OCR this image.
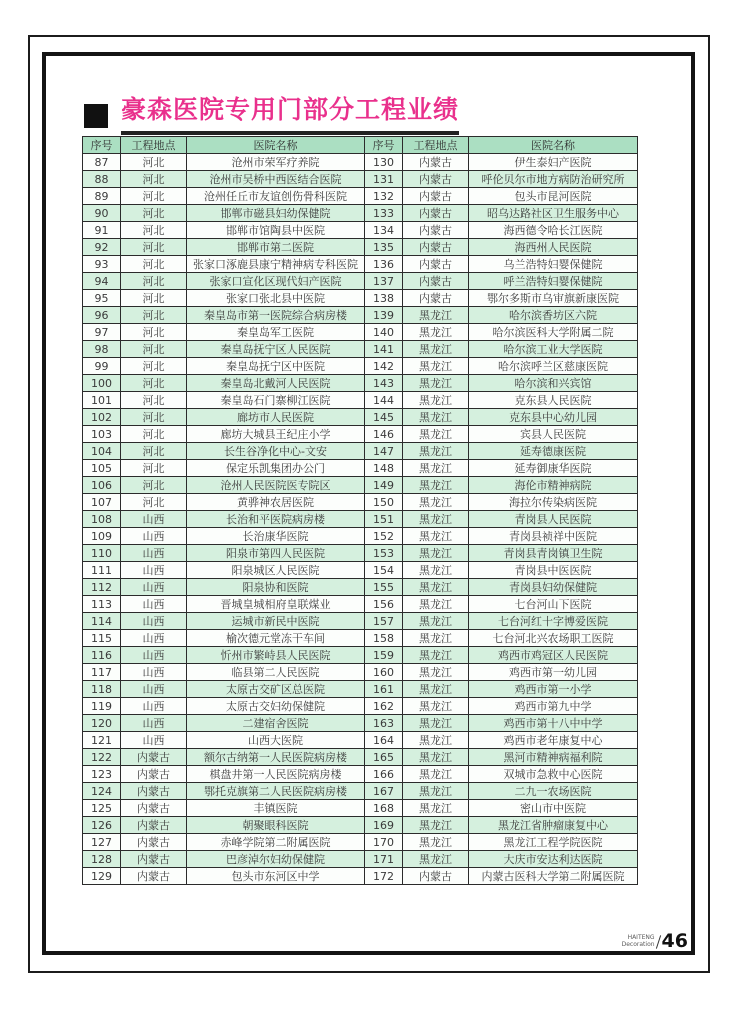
豪森医院专用门部分工程业绩
序号	工程地点	医院名称	序号	工程地点	医院名称
87	河北	沧州市荣军疗养院	130	内蒙古	伊生泰妇产医院
88	河北	沧州市吴桥中西医结合医院	131	内蒙古	呼伦贝尔市地方病防治研究所
89	河北	沧州任丘市友谊创伤骨科医院	132	内蒙古	包头市昆河医院
90	河北	邯郸市磁县妇幼保健院	133	内蒙古	昭乌达路社区卫生服务中心
91	河北	邯郸市馆陶县中医院	134	内蒙古	海西德令哈长江医院
92	河北	邯郸市第二医院	135	内蒙古	海西州人民医院
93	河北	张家口涿鹿县康宁精神病专科医院	136	内蒙古	乌兰浩特妇婴保健院
94	河北	张家口宣化区现代妇产医院	137	内蒙古	呼兰浩特妇婴保健院
95	河北	张家口张北县中医院	138	内蒙古	鄂尔多斯市乌审旗新康医院
96	河北	秦皇岛市第一医院综合病房楼	139	黑龙江	哈尔滨香坊区六院
97	河北	秦皇岛军工医院	140	黑龙江	哈尔滨医科大学附属二院
98	河北	秦皇岛抚宁区人民医院	141	黑龙江	哈尔滨工业大学医院
99	河北	秦皇岛抚宁区中医院	142	黑龙江	哈尔滨呼兰区慈康医院
100	河北	秦皇岛北戴河人民医院	143	黑龙江	哈尔滨和兴宾馆
101	河北	秦皇岛石门寨柳江医院	144	黑龙江	克东县人民医院
102	河北	廊坊市人民医院	145	黑龙江	克东县中心幼儿园
103	河北	廊坊大城县王纪庄小学	146	黑龙江	宾县人民医院
104	河北	长生谷净化中心-文安	147	黑龙江	延寿德康医院
105	河北	保定乐凯集团办公门	148	黑龙江	延寿御康华医院
106	河北	沧州人民医院医专院区	149	黑龙江	海伦市精神病院
107	河北	黄骅神农居医院	150	黑龙江	海拉尔传染病医院
108	山西	长治和平医院病房楼	151	黑龙江	青岗县人民医院
109	山西	长治康华医院	152	黑龙江	青岗县祯祥中医院
110	山西	阳泉市第四人民医院	153	黑龙江	青岗县青岗镇卫生院
111	山西	阳泉城区人民医院	154	黑龙江	青岗县中医医院
112	山西	阳泉协和医院	155	黑龙江	青岗县妇幼保健院
113	山西	晋城皇城相府皇联煤业	156	黑龙江	七台河山下医院
114	山西	运城市新民中医院	157	黑龙江	七台河红十字博爱医院
115	山西	榆次德元堂冻干车间	158	黑龙江	七台河北兴农场职工医院
116	山西	忻州市繁峙县人民医院	159	黑龙江	鸡西市鸡冠区人民医院
117	山西	临县第二人民医院	160	黑龙江	鸡西市第一幼儿园
118	山西	太原古交矿区总医院	161	黑龙江	鸡西市第一小学
119	山西	太原古交妇幼保健院	162	黑龙江	鸡西市第九中学
120	山西	二建宿舍医院	163	黑龙江	鸡西市第十八中中学
121	山西	山西大医院	164	黑龙江	鸡西市老年康复中心
122	内蒙古	额尔古纳第一人民医院病房楼	165	黑龙江	黑河市精神病福利院
123	内蒙古	棋盘井第一人民医院病房楼	166	黑龙江	双城市急救中心医院
124	内蒙古	鄂托克旗第二人民医院病房楼	167	黑龙江	二九一农场医院
125	内蒙古	丰镇医院	168	黑龙江	密山市中医院
126	内蒙古	朝聚眼科医院	169	黑龙江	黑龙江省肿瘤康复中心
127	内蒙古	赤峰学院第二附属医院	170	黑龙江	黑龙江工程学院医院
128	内蒙古	巴彦淖尔妇幼保健院	171	黑龙江	大庆市安达利达医院
129	内蒙古	包头市东河区中学	172	内蒙古	内蒙古医科大学第二附属医院
HAITENG
Decoration 46
